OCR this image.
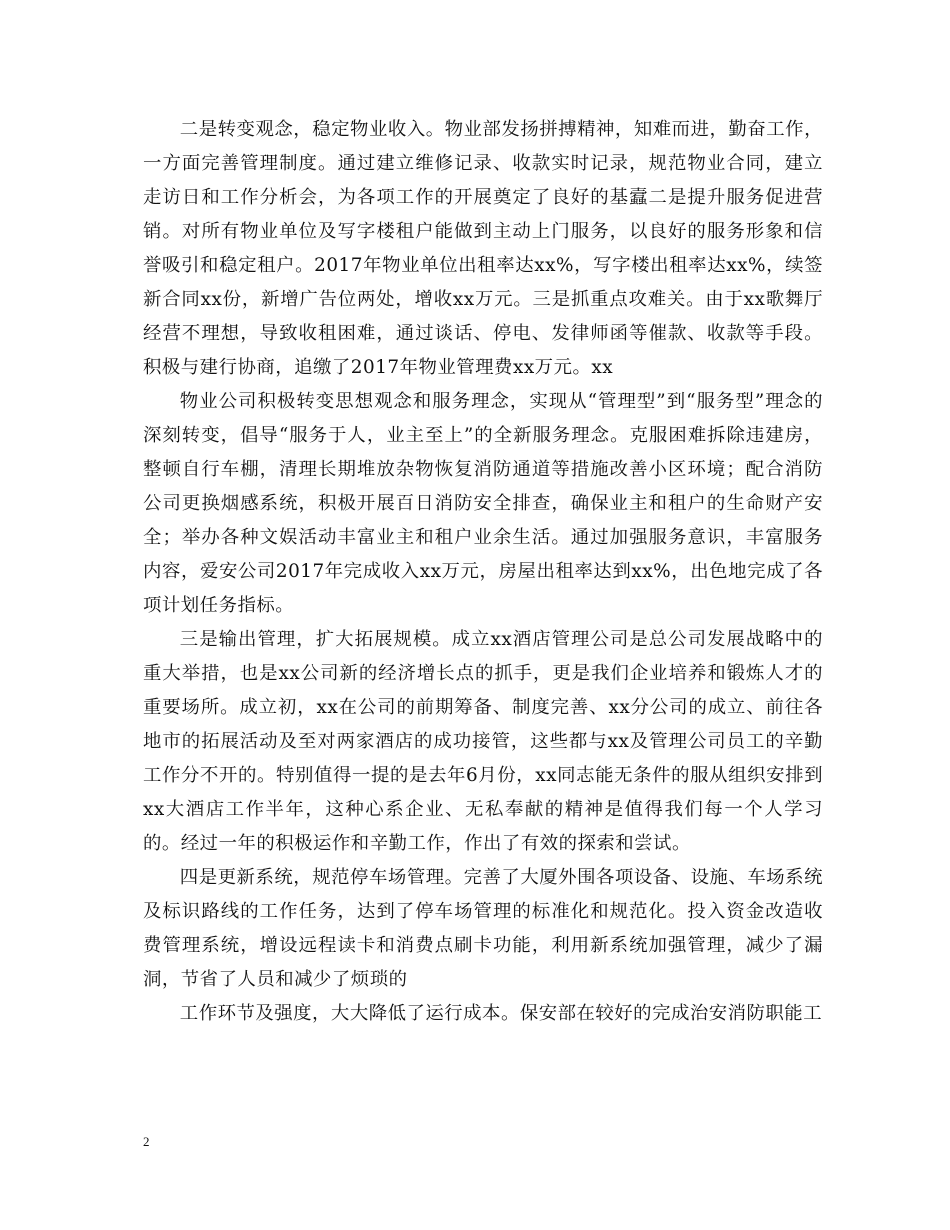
二是转变观念，稳定物业收入。物业部发扬拼搏精神，知难而进，勤奋工作，一方面完善管理制度。通过建立维修记录、收款实时记录，规范物业合同，建立走访日和工作分析会，为各项工作的开展奠定了良好的基蠧二是提升服务促进营销。对所有物业单位及写字楼租户能做到主动上门服务，以良好的服务形象和信誉吸引和稳定租户。2017年物业单位出租率达xx%，写字楼出租率达xx%，续签新合同xx份，新增广告位两处，增收xx万元。三是抓重点攻难关。由于xx歌舞厅经营不理想，导致收租困难，通过谈话、停电、发律师函等催款、收款等手段。积极与建行协商，追缴了2017年物业管理费xx万元。xx

物业公司积极转变思想观念和服务理念，实现从“管理型”到“服务型”理念的深刻转变，倡导“服务于人，业主至上”的全新服务理念。克服困难拆除违建房，整顿自行车棚，清理长期堆放杂物恢复消防通道等措施改善小区环境；配合消防公司更换烟感系统，积极开展百日消防安全排查，确保业主和租户的生命财产安全；举办各种文娱活动丰富业主和租户业余生活。通过加强服务意识，丰富服务内容，爱安公司2017年完成收入xx万元，房屋出租率达到xx%，出色地完成了各项计划任务指标。

三是输出管理，扩大拓展规模。成立xx酒店管理公司是总公司发展战略中的重大举措，也是xx公司新的经济增长点的抓手，更是我们企业培养和锻炼人才的重要场所。成立初，xx在公司的前期筹备、制度完善、xx分公司的成立、前往各地市的拓展活动及至对两家酒店的成功接管，这些都与xx及管理公司员工的辛勤工作分不开的。特别值得一提的是去年6月份，xx同志能无条件的服从组织安排到xx大酒店工作半年，这种心系企业、无私奉献的精神是值得我们每一个人学习的。经过一年的积极运作和辛勤工作，作出了有效的探索和尝试。

四是更新系统，规范停车场管理。完善了大厦外围各项设备、设施、车场系统及标识路线的工作任务，达到了停车场管理的标准化和规范化。投入资金改造收费管理系统，增设远程读卡和消费点刷卡功能，利用新系统加强管理，减少了漏洞，节省了人员和减少了烦琐的

工作环节及强度，大大降低了运行成本。保安部在较好的完成治安消防职能工

2
